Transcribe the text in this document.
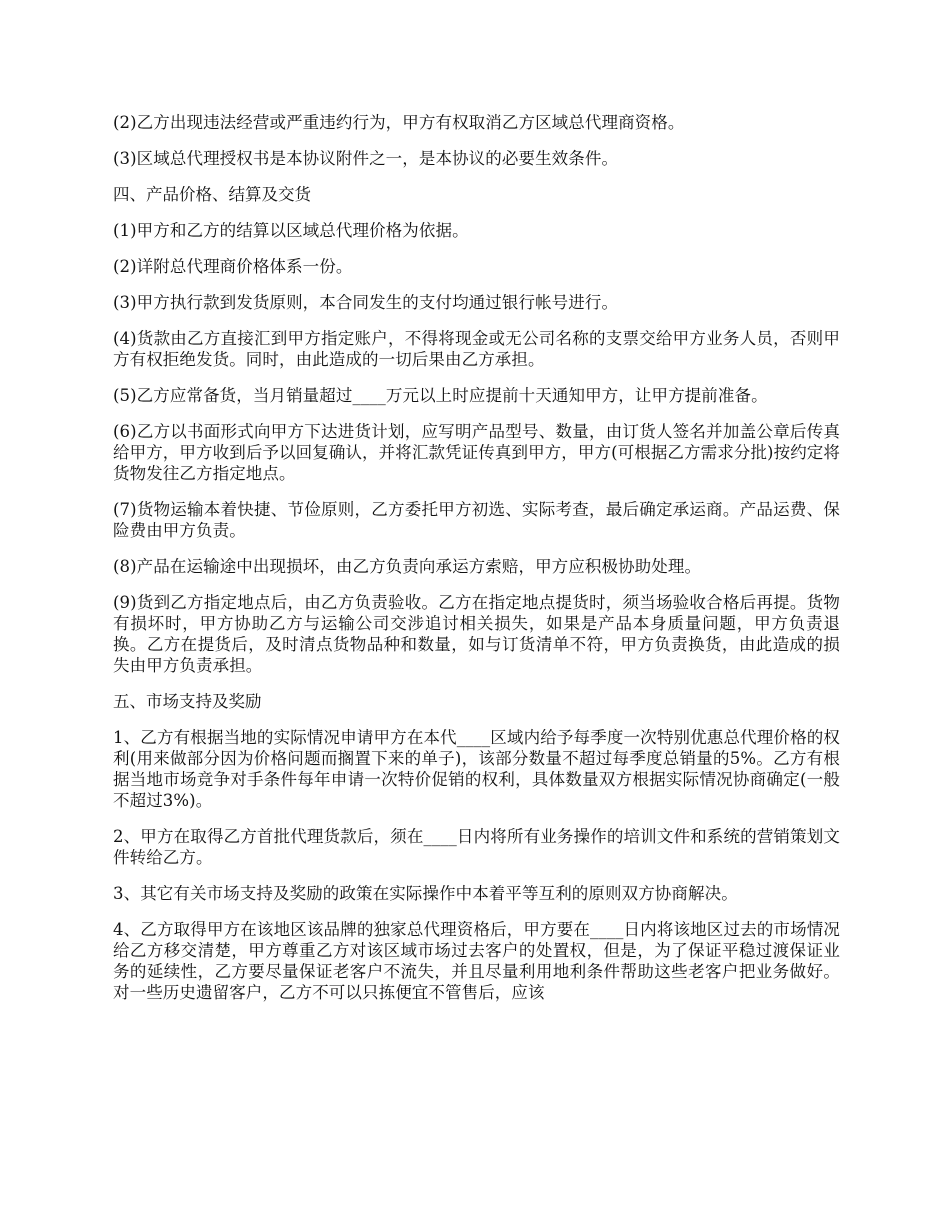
(2)乙方出现违法经营或严重违约行为，甲方有权取消乙方区域总代理商资格。

(3)区域总代理授权书是本协议附件之一，是本协议的必要生效条件。

四、产品价格、结算及交货

(1)甲方和乙方的结算以区域总代理价格为依据。

(2)详附总代理商价格体系一份。

(3)甲方执行款到发货原则，本合同发生的支付均通过银行帐号进行。

(4)货款由乙方直接汇到甲方指定账户，不得将现金或无公司名称的支票交给甲方业务人员，否则甲方有权拒绝发货。同时，由此造成的一切后果由乙方承担。

(5)乙方应常备货，当月销量超过____万元以上时应提前十天通知甲方，让甲方提前准备。

(6)乙方以书面形式向甲方下达进货计划，应写明产品型号、数量，由订货人签名并加盖公章后传真给甲方，甲方收到后予以回复确认，并将汇款凭证传真到甲方，甲方(可根据乙方需求分批)按约定将货物发往乙方指定地点。

(7)货物运输本着快捷、节俭原则，乙方委托甲方初选、实际考查，最后确定承运商。产品运费、保险费由甲方负责。

(8)产品在运输途中出现损坏，由乙方负责向承运方索赔，甲方应积极协助处理。

(9)货到乙方指定地点后，由乙方负责验收。乙方在指定地点提货时，须当场验收合格后再提。货物有损坏时，甲方协助乙方与运输公司交涉追讨相关损失，如果是产品本身质量问题，甲方负责退换。乙方在提货后，及时清点货物品种和数量，如与订货清单不符，甲方负责换货，由此造成的损失由甲方负责承担。

五、市场支持及奖励

1、乙方有根据当地的实际情况申请甲方在本代____区域内给予每季度一次特别优惠总代理价格的权利(用来做部分因为价格问题而搁置下来的单子)，该部分数量不超过每季度总销量的5%。乙方有根据当地市场竞争对手条件每年申请一次特价促销的权利，具体数量双方根据实际情况协商确定(一般不超过3%)。

2、甲方在取得乙方首批代理货款后，须在____日内将所有业务操作的培训文件和系统的营销策划文件转给乙方。

3、其它有关市场支持及奖励的政策在实际操作中本着平等互利的原则双方协商解决。

4、乙方取得甲方在该地区该品牌的独家总代理资格后，甲方要在____日内将该地区过去的市场情况给乙方移交清楚，甲方尊重乙方对该区域市场过去客户的处置权，但是，为了保证平稳过渡保证业务的延续性，乙方要尽量保证老客户不流失，并且尽量利用地利条件帮助这些老客户把业务做好。对一些历史遗留客户，乙方不可以只拣便宜不管售后，应该
